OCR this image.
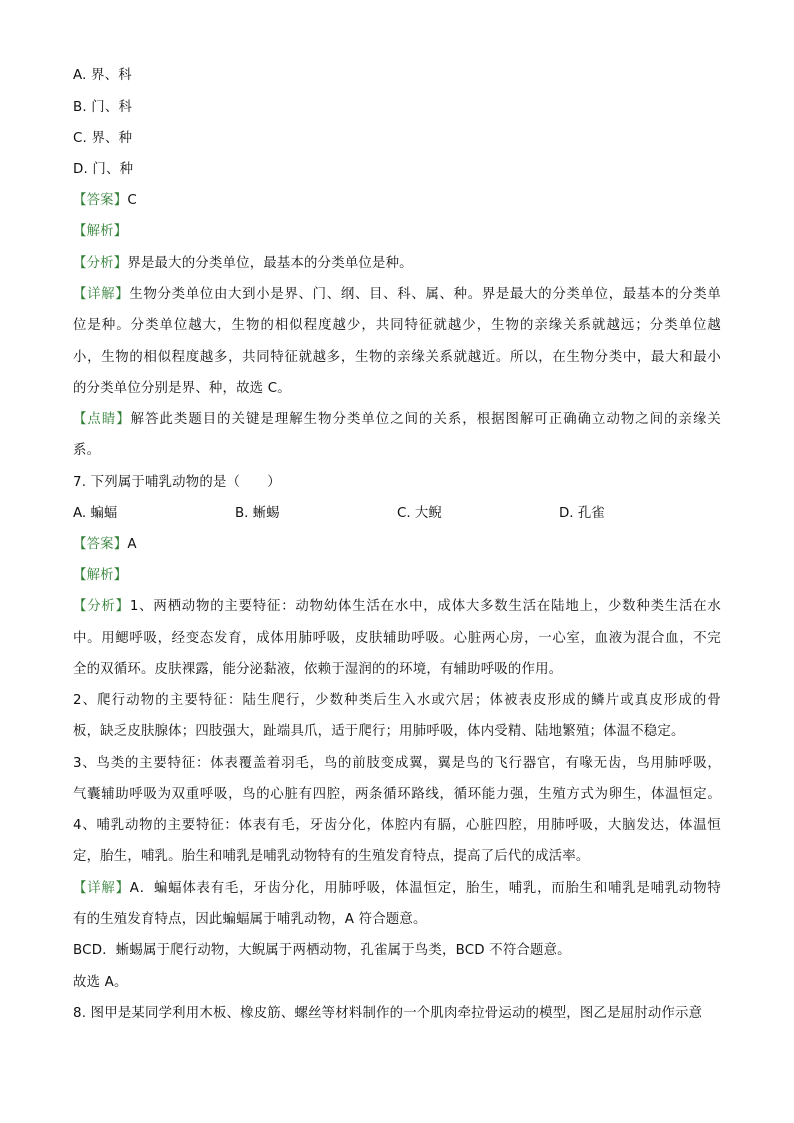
A. 界、科
B. 门、科
C. 界、种
D. 门、种
【答案】C
【解析】
【分析】界是最大的分类单位，最基本的分类单位是种。
【详解】生物分类单位由大到小是界、门、纲、目、科、属、种。界是最大的分类单位，最基本的分类单
位是种。分类单位越大，生物的相似程度越少，共同特征就越少，生物的亲缘关系就越远；分类单位越
小，生物的相似程度越多，共同特征就越多，生物的亲缘关系就越近。所以，在生物分类中，最大和最小
的分类单位分别是界、种，故选 C。
【点睛】解答此类题目的关键是理解生物分类单位之间的关系，根据图解可正确确立动物之间的亲缘关
系。
7. 下列属于哺乳动物的是（　　）
A. 蝙蝠	B. 蜥蜴	C. 大鲵	D. 孔雀
【答案】A
【解析】
【分析】1、两栖动物的主要特征：动物幼体生活在水中，成体大多数生活在陆地上，少数种类生活在水
中。用鳃呼吸，经变态发育，成体用肺呼吸，皮肤辅助呼吸。心脏两心房，一心室，血液为混合血，不完
全的双循环。皮肤裸露，能分泌黏液，依赖于湿润的的环境，有辅助呼吸的作用。
2、爬行动物的主要特征：陆生爬行，少数种类后生入水或穴居；体被表皮形成的鳞片或真皮形成的骨
板，缺乏皮肤腺体；四肢强大，趾端具爪，适于爬行；用肺呼吸，体内受精、陆地繁殖；体温不稳定。
3、鸟类的主要特征：体表覆盖着羽毛，鸟的前肢变成翼，翼是鸟的飞行器官，有喙无齿，鸟用肺呼吸，
气囊辅助呼吸为双重呼吸，鸟的心脏有四腔，两条循环路线，循环能力强，生殖方式为卵生，体温恒定。
4、哺乳动物的主要特征：体表有毛，牙齿分化，体腔内有膈，心脏四腔，用肺呼吸，大脑发达，体温恒
定，胎生，哺乳。胎生和哺乳是哺乳动物特有的生殖发育特点，提高了后代的成活率。
【详解】A．蝙蝠体表有毛，牙齿分化，用肺呼吸，体温恒定，胎生，哺乳，而胎生和哺乳是哺乳动物特
有的生殖发育特点，因此蝙蝠属于哺乳动物，A 符合题意。
BCD．蜥蜴属于爬行动物，大鲵属于两栖动物，孔雀属于鸟类，BCD 不符合题意。
故选 A。
8. 图甲是某同学利用木板、橡皮筋、螺丝等材料制作的一个肌肉牵拉骨运动的模型，图乙是屈肘动作示意
